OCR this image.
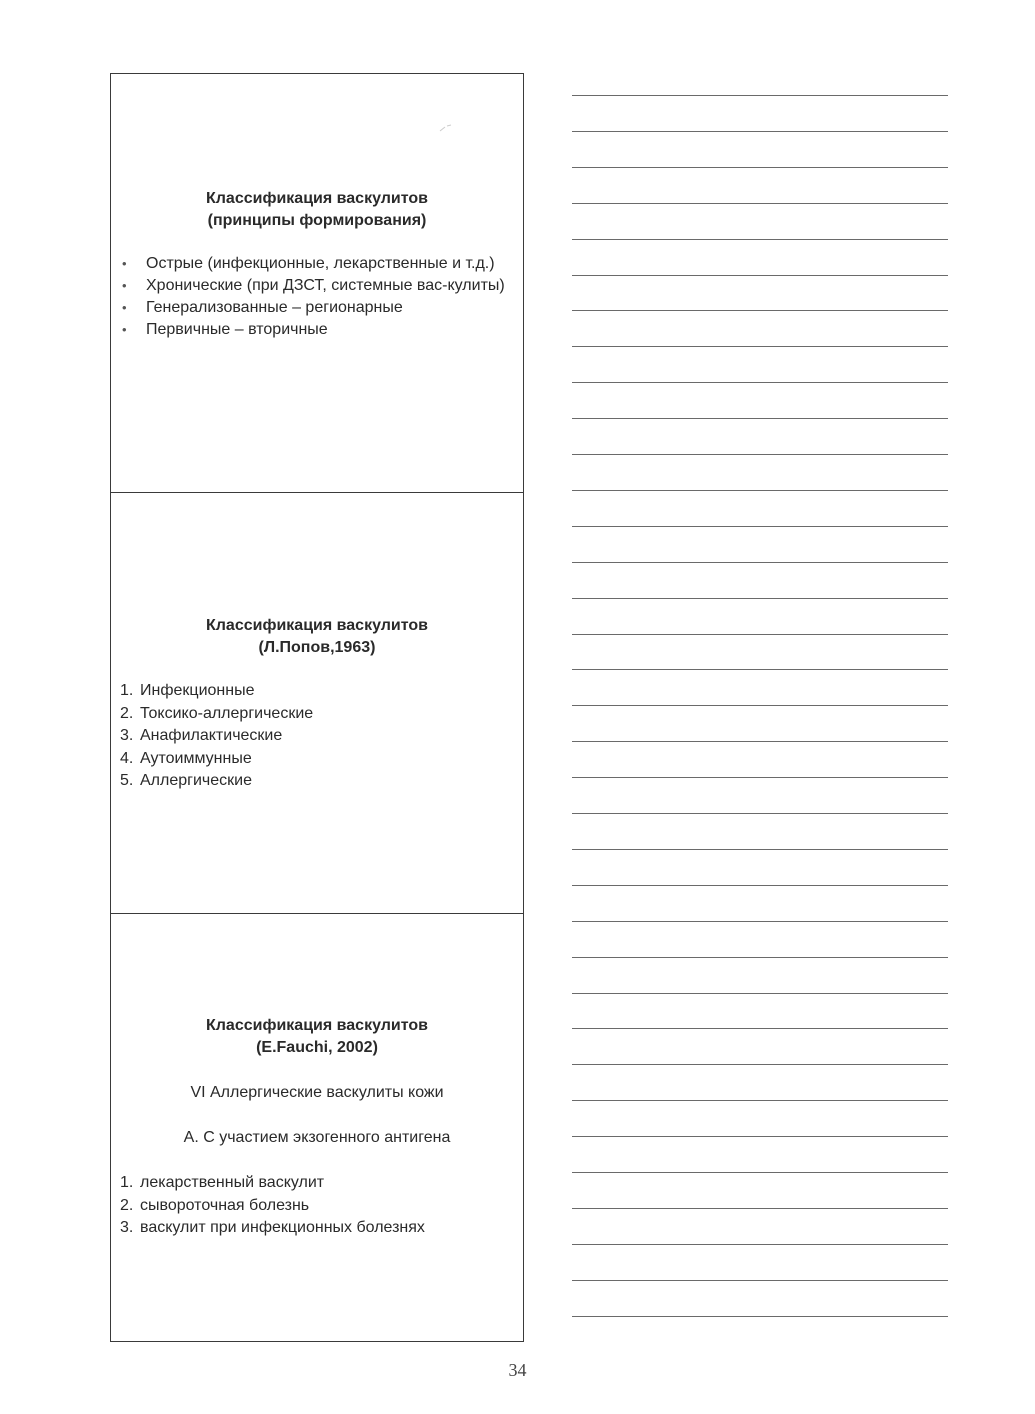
Классификация васкулитов
(принципы формирования)
• Острые (инфекционные, лекарственные и т.д.)
• Хронические (при ДЗСТ, системные вас-кулиты)
• Генерализованные – регионарные
• Первичные – вторичные
Классификация васкулитов
(Л.Попов,1963)
1. Инфекционные
2. Токсико-аллергические
3. Анафилактические
4. Аутоиммунные
5. Аллергические
Классификация васкулитов
(E.Fauchi, 2002)
VI Аллергические васкулиты кожи
А. С участием экзогенного антигена
1. лекарственный васкулит
2. сывороточная болезнь
3. васкулит при инфекционных болезнях
34
